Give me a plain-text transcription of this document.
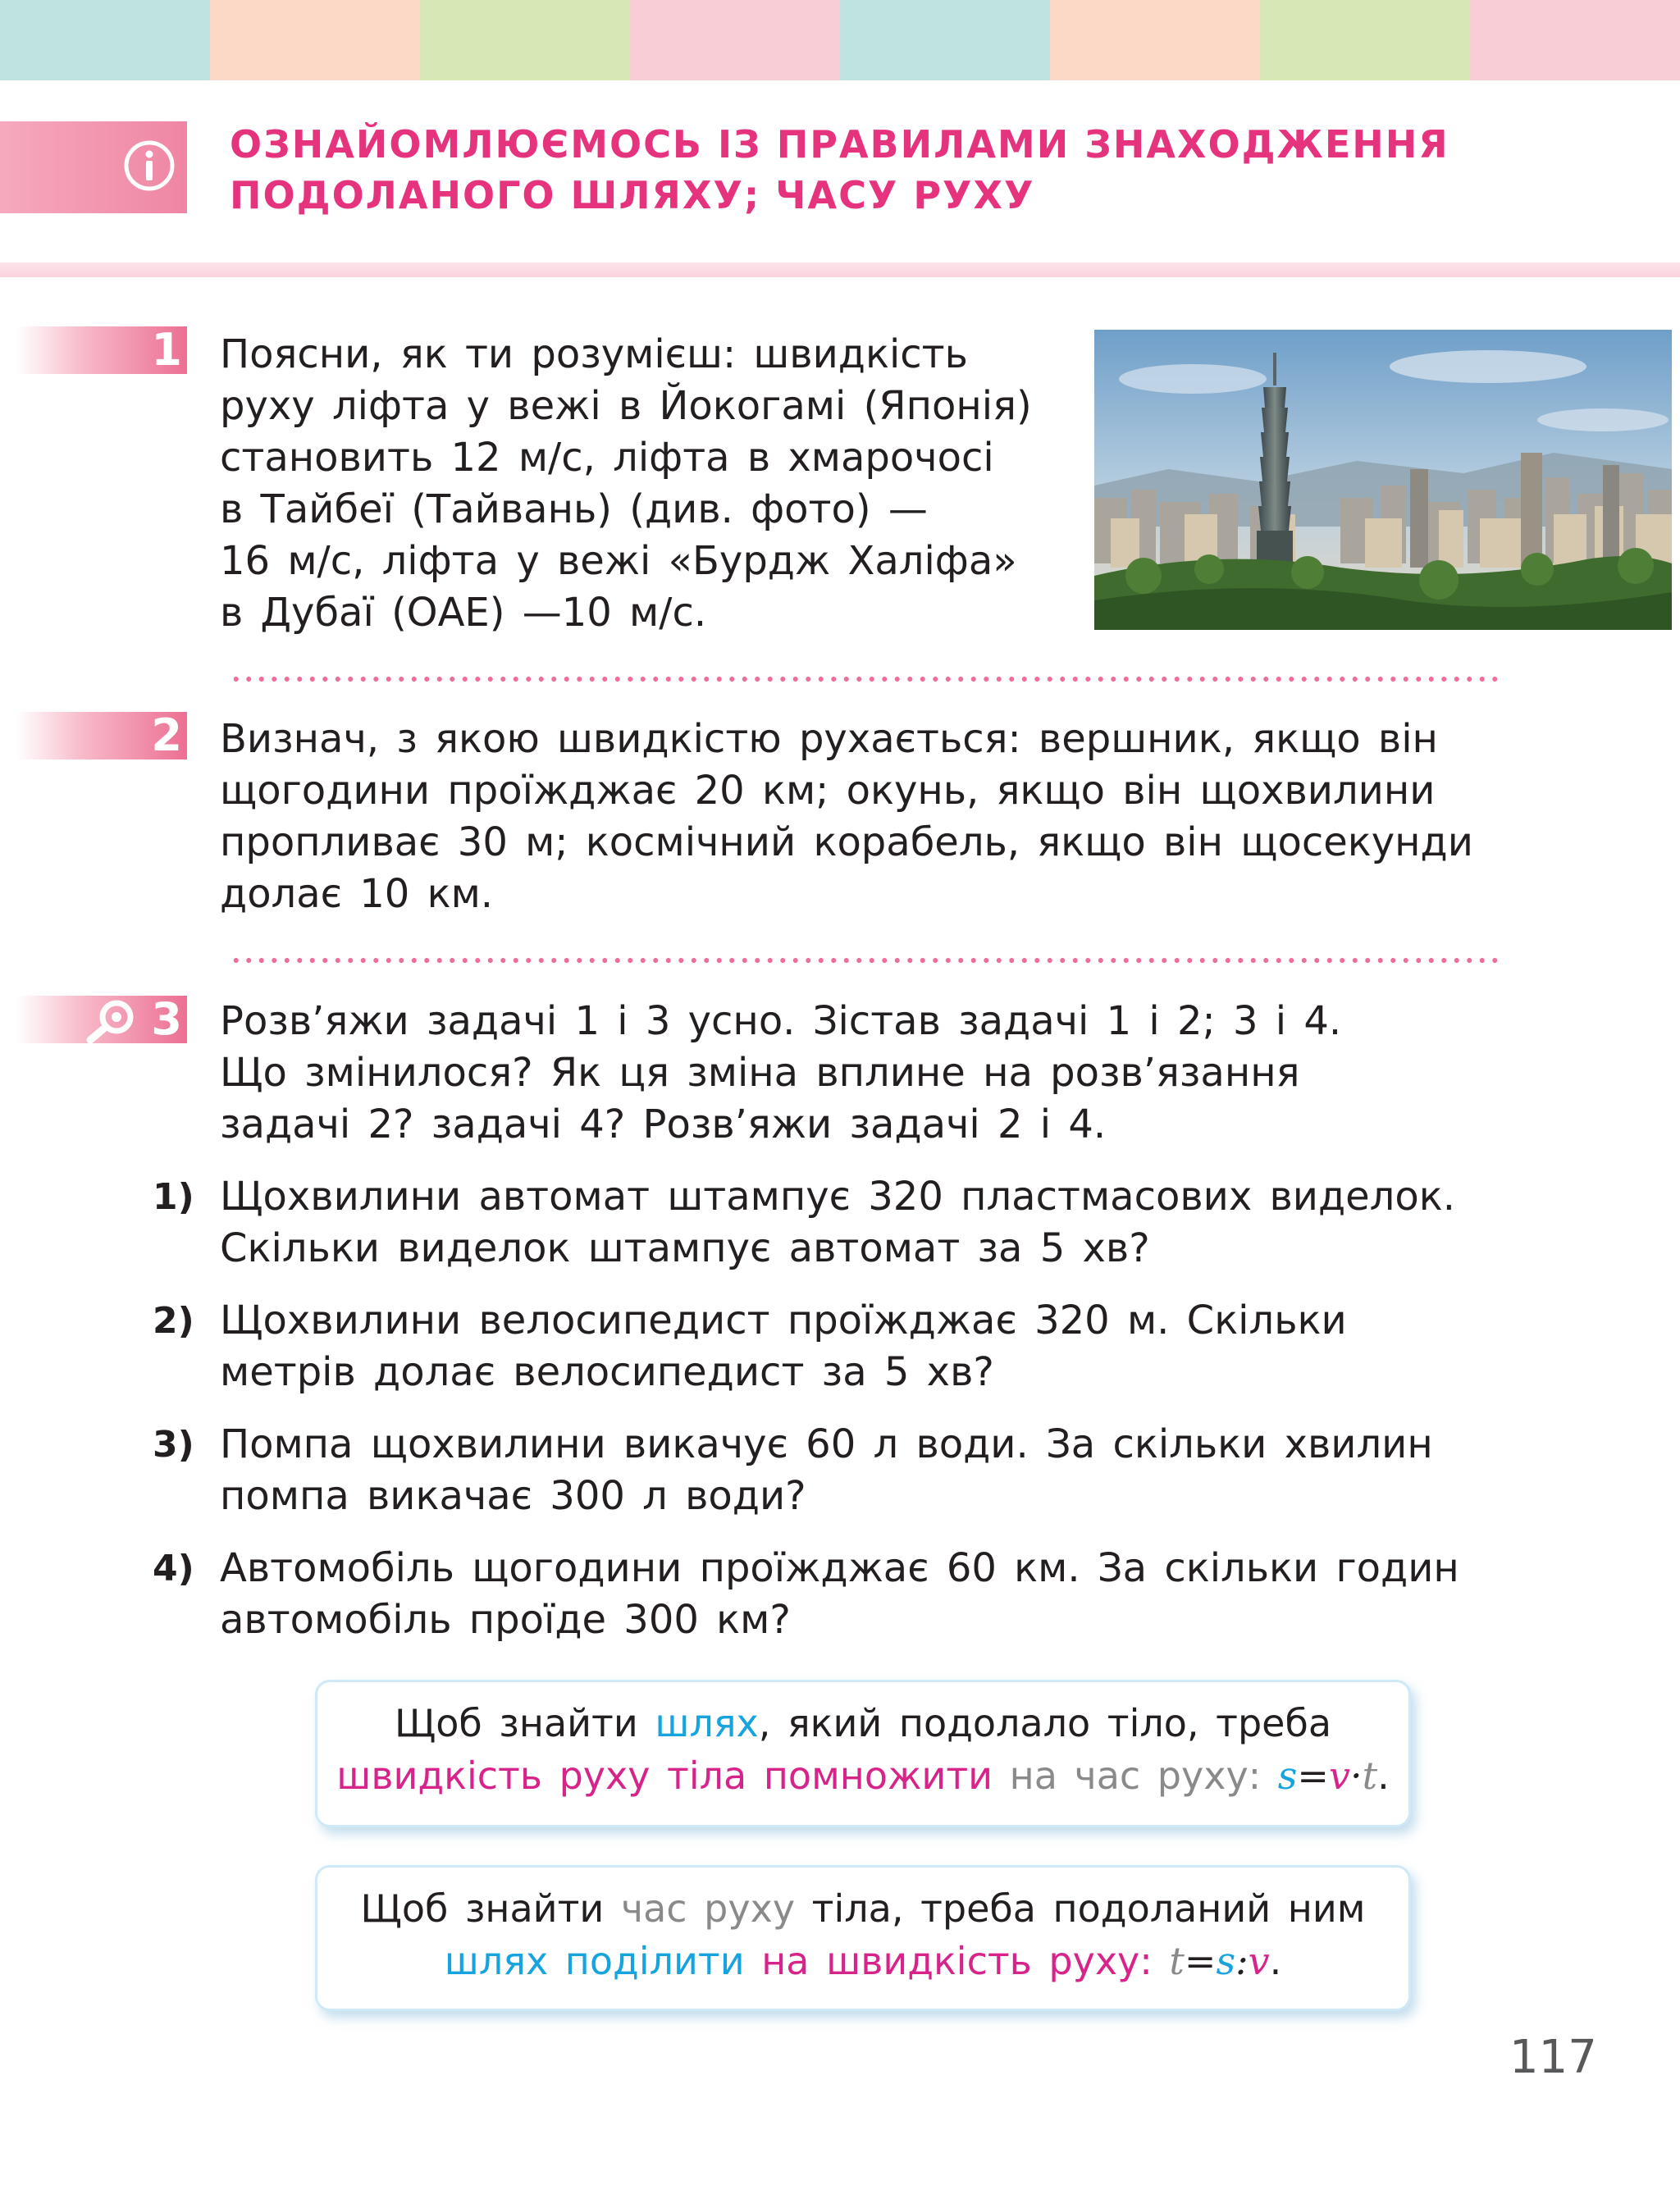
ОЗНАЙОМЛЮЄМОСЬ ІЗ ПРАВИЛАМИ ЗНАХОДЖЕННЯ
ПОДОЛАНОГО ШЛЯХУ; ЧАСУ РУХУ
1 Поясни, як ти розумієш: швидкість

руху ліфта у вежі в Йокогамі (Японія)

становить 12 м/с, ліфта в хмарочосі

в Тайбеї (Тайвань) (див. фото) —

16 м/с, ліфта у вежі «Бурдж Халіфа»

в Дубаї (ОАЕ) —10 м/с.

2 Визнач, з якою швидкістю рухається: вершник, якщо він

щогодини проїжджає 20 км; окунь, якщо він щохвилини

пропливає 30 м; космічний корабель, якщо він щосекунди

долає 10 км.

3 Розв’яжи задачі 1 і 3 усно. Зістав задачі 1 і 2; 3 і 4.

Що змінилося? Як ця зміна вплине на розв’язання

задачі 2? задачі 4? Розв’яжи задачі 2 і 4.

1) Щохвилини автомат штампує 320 пластмасових виделок.

Скільки виделок штампує автомат за 5 хв?

2) Щохвилини велосипедист проїжджає 320 м. Скільки

метрів долає велосипедист за 5 хв?

3) Помпа щохвилини викачує 60 л води. За скільки хвилин

помпа викачає 300 л води?

4) Автомобіль щогодини проїжджає 60 км. За скільки годин

автомобіль проїде 300 км?

Щоб знайти шлях, який подолало тіло, треба
швидкість руху тіла помножити на час руху: s=v·t.
Щоб знайти час руху тіла, треба подоланий ним
шлях поділити на швидкість руху: t=s:v.
117
